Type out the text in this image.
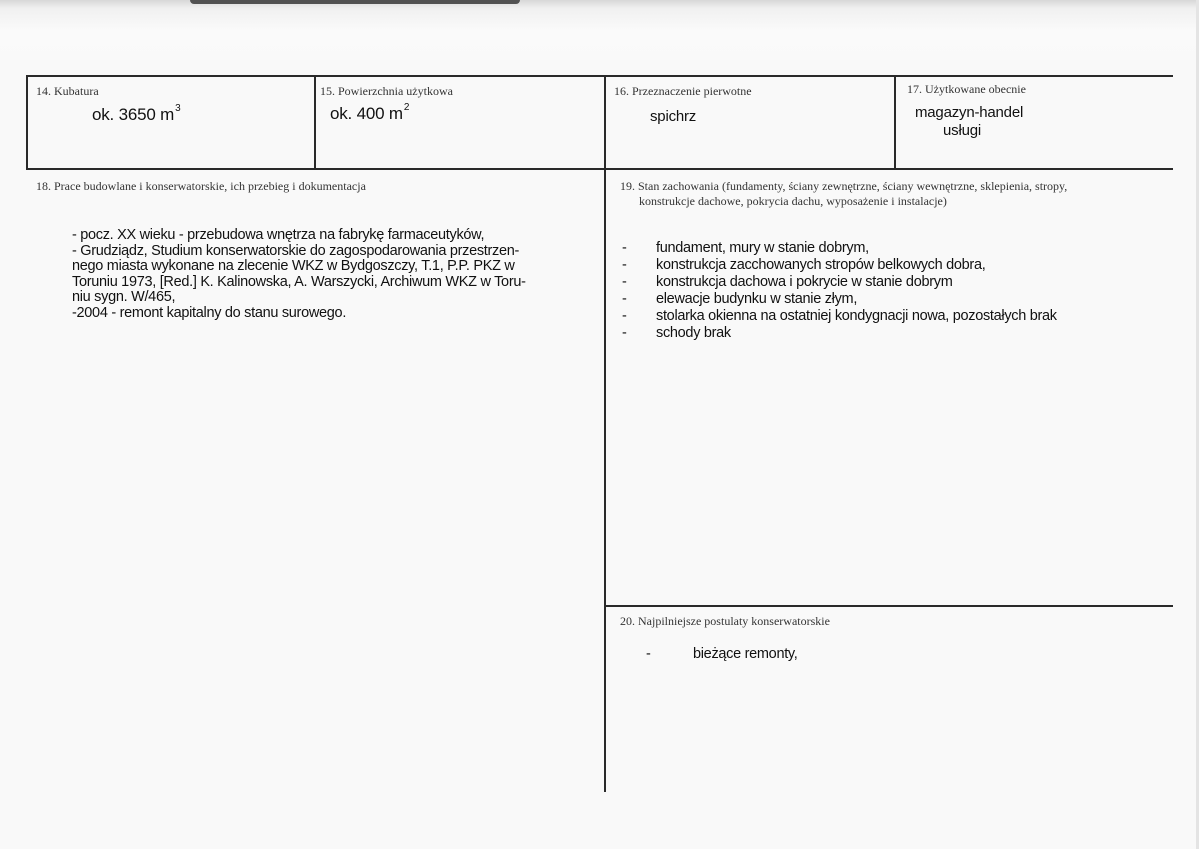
14. Kubatura
ok. 3650 $m^3$
15. Powierzchnia użytkowa
ok. 400 $m^2$
16. Przeznaczenie pierwotne
spichrz
17. Użytkowane obecnie
magazyn-handel
usługi
18. Prace budowlane i konserwatorskie, ich przebieg i dokumentacja
- pocz. XX wieku - przebudowa wnętrza na fabrykę farmaceutyków,
- Grudziądz, Studium konserwatorskie do zagospodarowania przestrzen-
nego miasta wykonane na zlecenie WKZ w Bydgoszczy, T.1, P.P. PKZ w
Toruniu 1973, [Red.] K. Kalinowska, A. Warszycki, Archiwum WKZ w Toru-
niu sygn. W/465,
-2004 - remont kapitalny do stanu surowego.
19. Stan zachowania (fundamenty, ściany zewnętrzne, ściany wewnętrzne, sklepienia, stropy,
konstrukcje dachowe, pokrycia dachu, wyposażenie i instalacje)
- fundament, mury w stanie dobrym,
- konstrukcja zacchowanych stropów belkowych dobra,
- konstrukcja dachowa i pokrycie w stanie dobrym
- elewacje budynku w stanie złym,
- stolarka okienna na ostatniej kondygnacji nowa, pozostałych brak
- schody brak
20. Najpilniejsze postulaty konserwatorskie
-	bieżące remonty,
